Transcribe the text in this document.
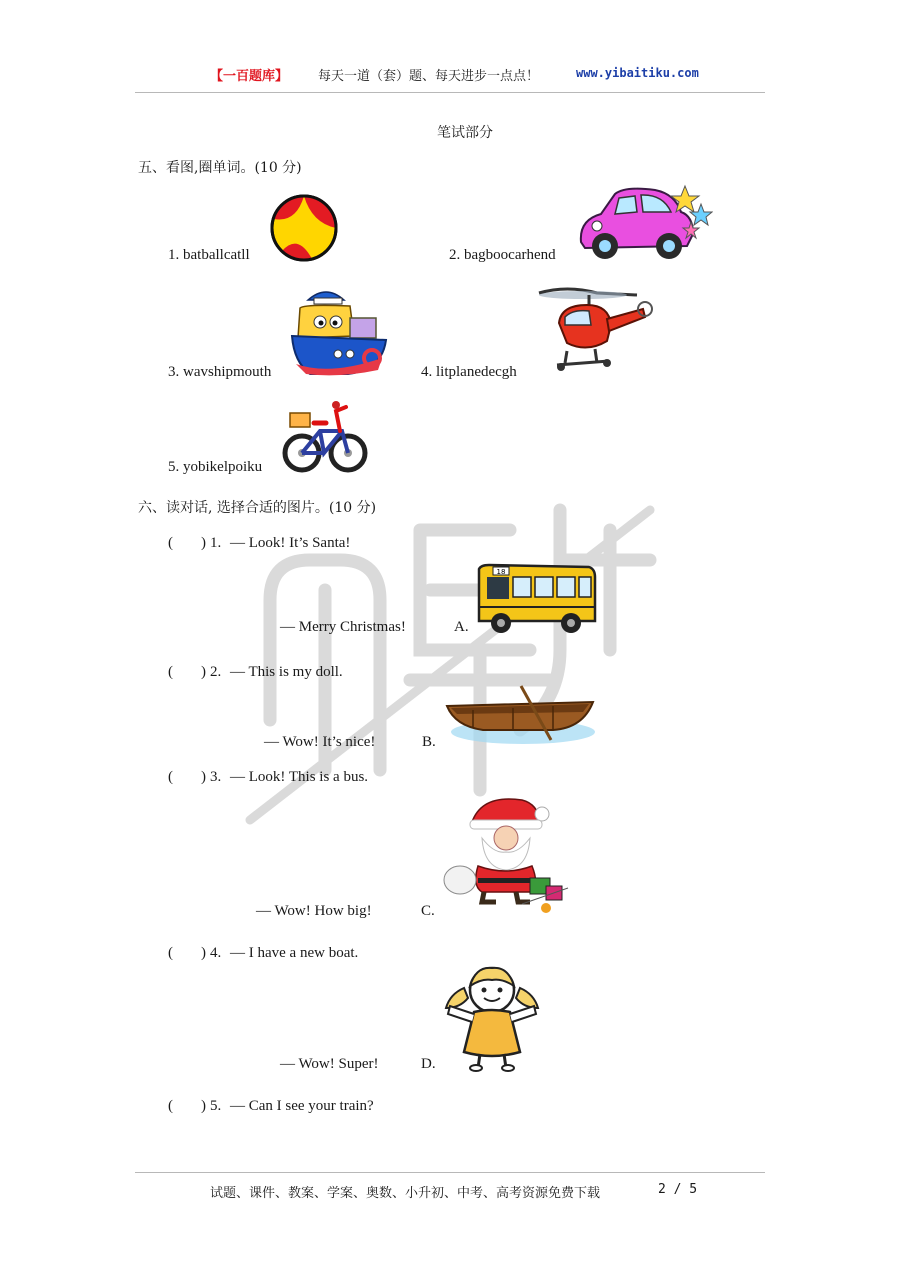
【一百题库】 每天一道（套）题、每天进步一点点！	www.yibaitiku.com
笔试部分
五、看图,圈单词。(10 分)
1. batballcatll	2. bagboocarhend
3. wavshipmouth	4. litplanedecgh
5. yobikelpoiku
六、读对话, 选择合适的图片。(10 分)
( ) 1. — Look! It’s Santa!
— Merry Christmas!	A.
18
( ) 2. — This is my doll.
— Wow! It’s nice!	B.
( ) 3. — Look! This is a bus.
— Wow! How big!	C.
( ) 4. — I have a new boat.
— Wow! Super!	D.
( ) 5. — Can I see your train?
试题、课件、教案、学案、奥数、小升初、中考、高考资源免费下载	2 / 5
